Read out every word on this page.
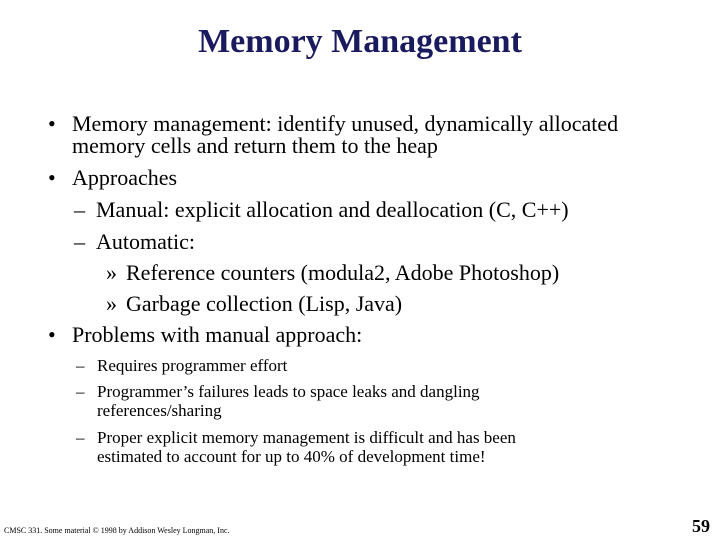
Memory Management
• Memory management: identify unused, dynamically allocated
memory cells and return them to the heap
• Approaches
– Manual: explicit allocation and deallocation (C, C++)
– Automatic:
» Reference counters (modula2, Adobe Photoshop)
» Garbage collection (Lisp, Java)
• Problems with manual approach:
– Requires programmer effort
– Programmer’s failures leads to space leaks and dangling
references/sharing
– Proper explicit memory management is difficult and has been
estimated to account for up to 40% of development time!
CMSC 331. Some material © 1998 by Addison Wesley Longman, Inc.	59
